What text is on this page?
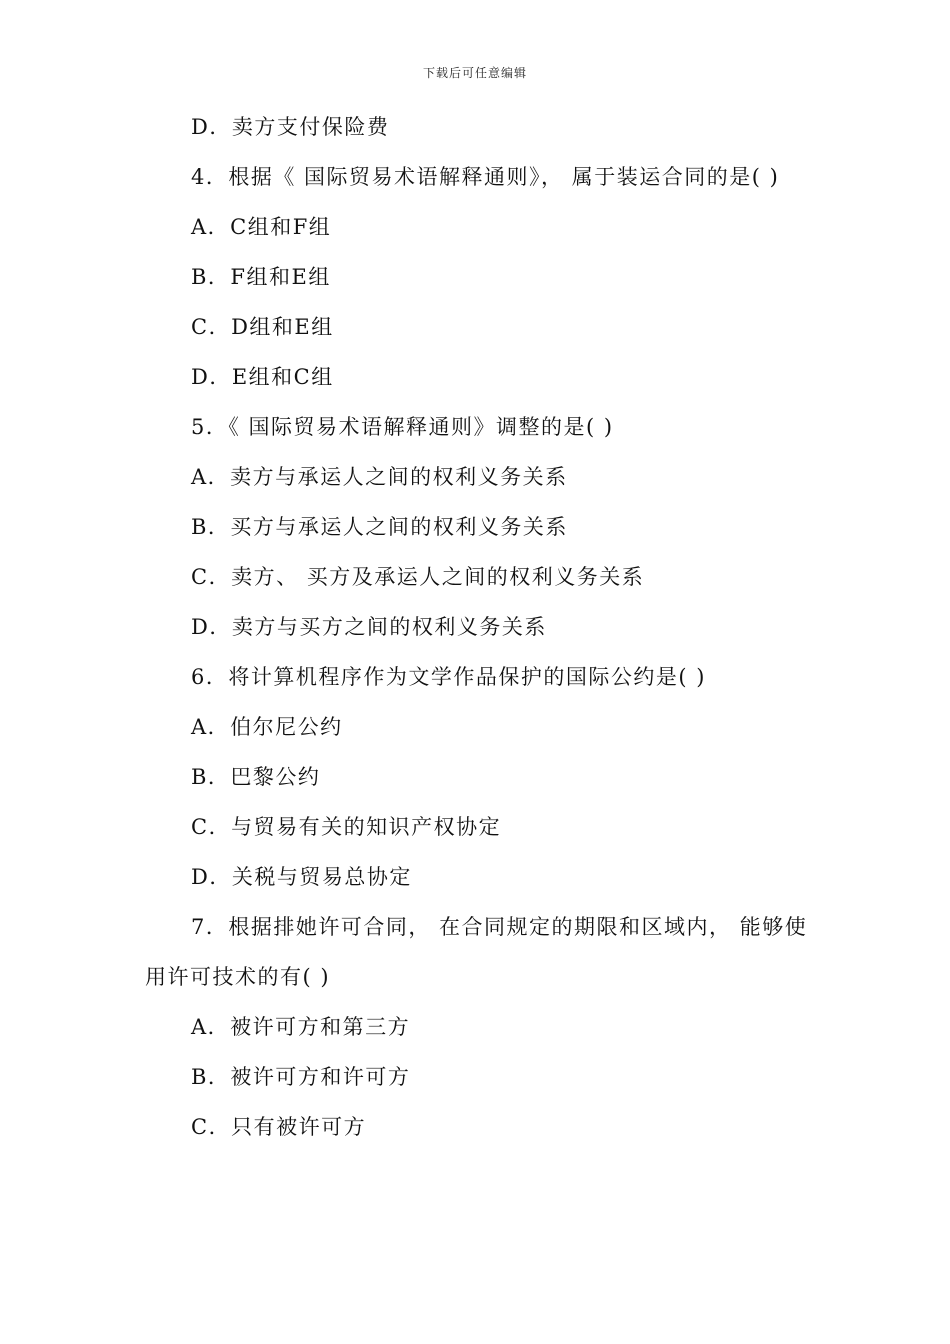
下载后可任意编辑
D．卖方支付保险费
4．根据《 国际贸易术语解释通则》， 属于装运合同的是( )
A．C组和F组
B．F组和E组
C．D组和E组
D．E组和C组
5．《 国际贸易术语解释通则》调整的是( )
A．卖方与承运人之间的权利义务关系
B．买方与承运人之间的权利义务关系
C．卖方、 买方及承运人之间的权利义务关系
D．卖方与买方之间的权利义务关系
6．将计算机程序作为文学作品保护的国际公约是( )
A．伯尔尼公约
B．巴黎公约
C．与贸易有关的知识产权协定
D．关税与贸易总协定
7．根据排她许可合同， 在合同规定的期限和区域内， 能够使
用许可技术的有( )
A．被许可方和第三方
B．被许可方和许可方
C．只有被许可方
